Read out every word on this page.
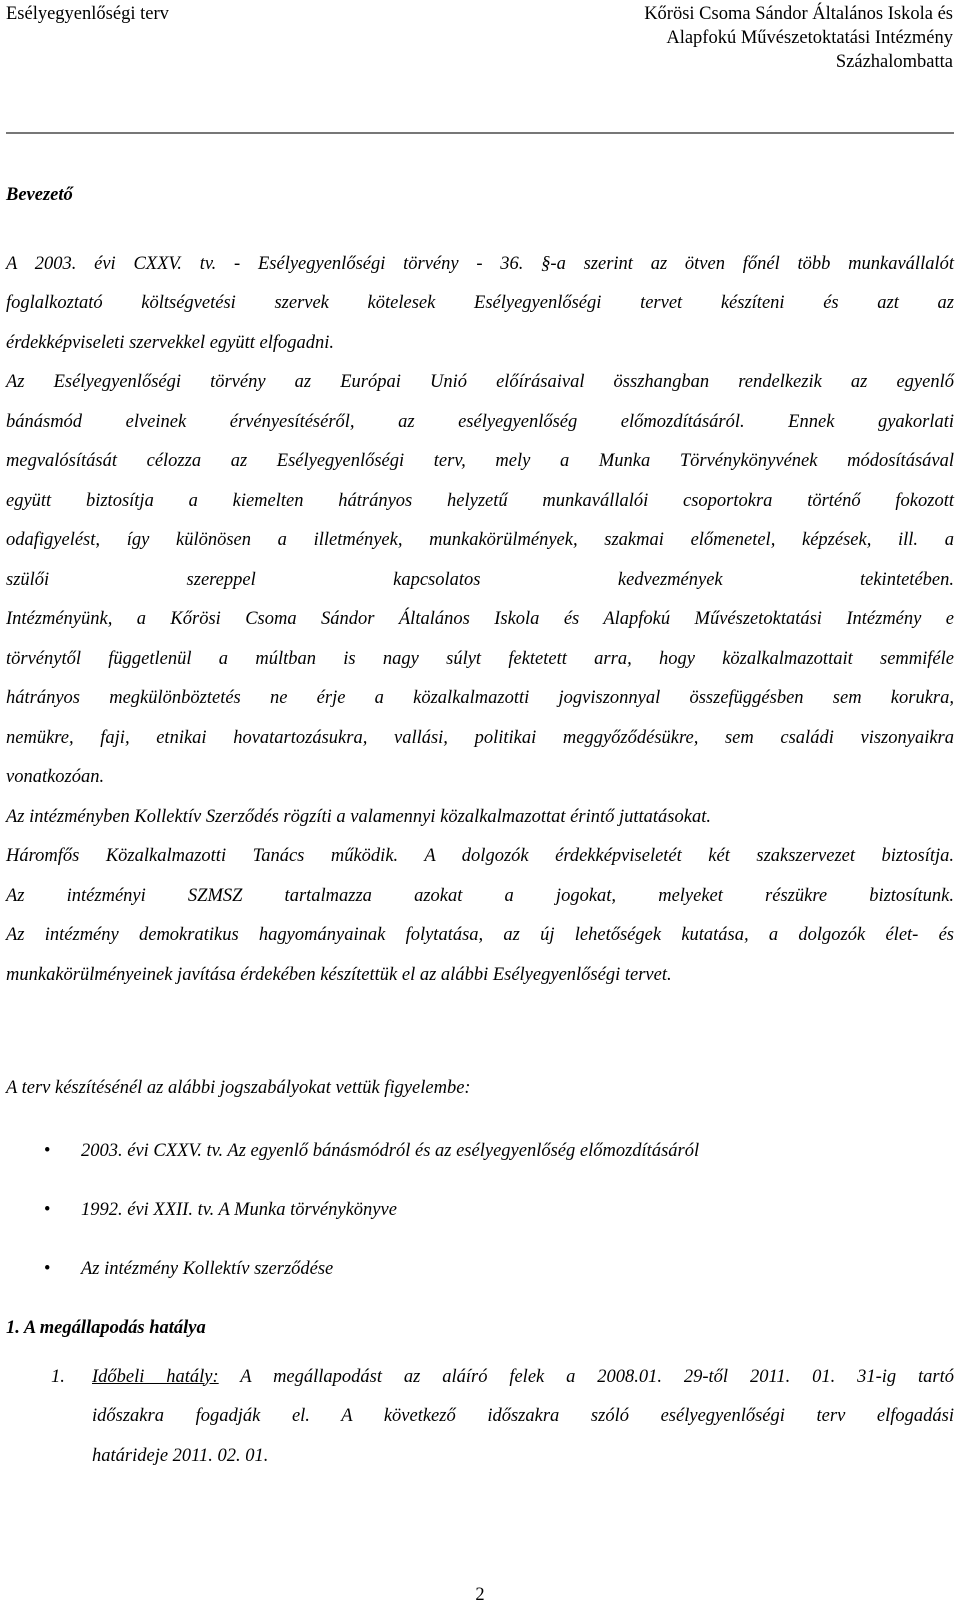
Esélyegyenlőségi terv	Kőrösi Csoma Sándor Általános Iskola és
Alapfokú Művészetoktatási Intézmény
Százhalombatta

Bevezető

A 2003. évi CXXV. tv. - Esélyegyenlőségi törvény - 36. §-a szerint az ötven főnél több munkavállalót

foglalkoztató költségvetési szervek kötelesek Esélyegyenlőségi tervet készíteni és azt az

érdekképviseleti szervekkel együtt elfogadni.

Az Esélyegyenlőségi törvény az Európai Unió előírásaival összhangban rendelkezik az egyenlő

bánásmód elveinek érvényesítéséről, az esélyegyenlőség előmozdításáról. Ennek gyakorlati

megvalósítását célozza az Esélyegyenlőségi terv, mely a Munka Törvénykönyvének módosításával

együtt biztosítja a kiemelten hátrányos helyzetű munkavállalói csoportokra történő fokozott

odafigyelést, így különösen a illetmények, munkakörülmények, szakmai előmenetel, képzések, ill. a

szülői szereppel kapcsolatos kedvezmények tekintetében.

Intézményünk, a Kőrösi Csoma Sándor Általános Iskola és Alapfokú Művészetoktatási Intézmény e

törvénytől függetlenül a múltban is nagy súlyt fektetett arra, hogy közalkalmazottait semmiféle

hátrányos megkülönböztetés ne érje a közalkalmazotti jogviszonnyal összefüggésben sem korukra,

nemükre, faji, etnikai hovatartozásukra, vallási, politikai meggyőződésükre, sem családi viszonyaikra

vonatkozóan.

Az intézményben Kollektív Szerződés rögzíti a valamennyi közalkalmazottat érintő juttatásokat.

Háromfős Közalkalmazotti Tanács működik. A dolgozók érdekképviseletét két szakszervezet biztosítja.

Az intézményi SZMSZ tartalmazza azokat a jogokat, melyeket részükre biztosítunk.

Az intézmény demokratikus hagyományainak folytatása, az új lehetőségek kutatása, a dolgozók élet- és

munkakörülményeinek javítása érdekében készítettük el az alábbi Esélyegyenlőségi tervet.

A terv készítésénél az alábbi jogszabályokat vettük figyelembe:

• 2003. évi CXXV. tv. Az egyenlő bánásmódról és az esélyegyenlőség előmozdításáról
• 1992. évi XXII. tv. A Munka törvénykönyve
• Az intézmény Kollektív szerződése

1. A megállapodás hatálya

1. Időbeli hatály: A megállapodást az aláíró felek a 2008.01. 29-től 2011. 01. 31-ig tartó

időszakra fogadják el. A következő időszakra szóló esélyegyenlőségi terv elfogadási

határideje 2011. 02. 01.

2
